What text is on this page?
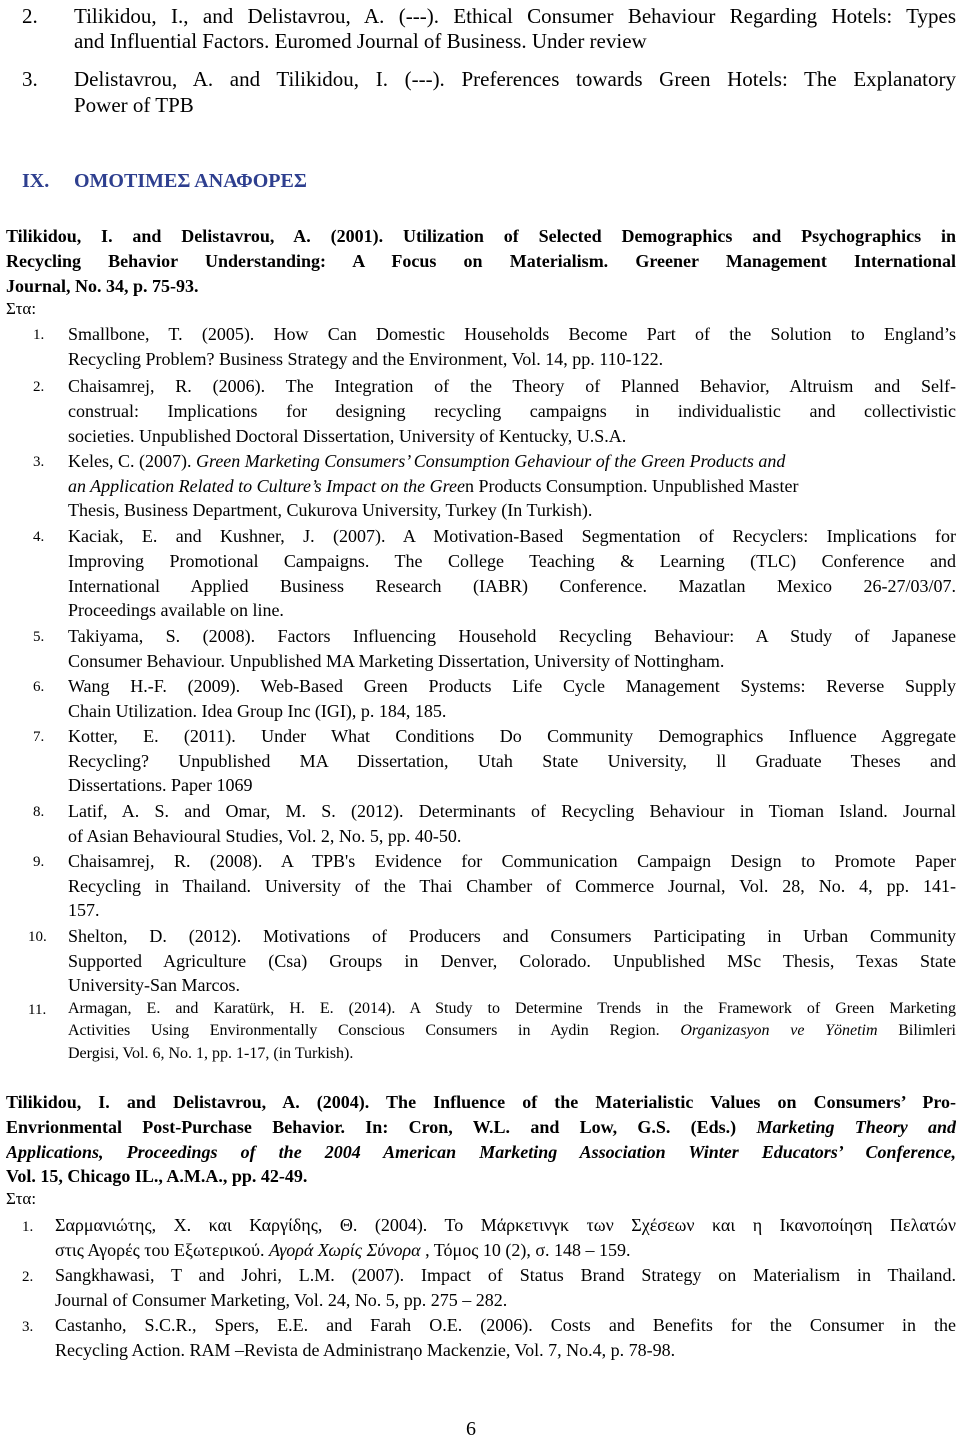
2. Tilikidou, I., and Delistavrou, A. (---). Ethical Consumer Behaviour Regarding Hotels: Types
and Influential Factors. Euromed Journal of Business. Under review
3. Delistavrou, A. and Tilikidou, I. (---). Preferences towards Green Hotels: The Explanatory
Power of TPB
IX. ΟΜΟΤΙΜΕΣ ΑΝΑΦΟΡΕΣ
Tilikidou, I. and Delistavrou, A. (2001). Utilization of Selected Demographics and Psychographics in
Recycling Behavior Understanding: A Focus on Materialism. Greener Management International
Journal, No. 34, p. 75-93.
Στα:
1. Smallbone, T. (2005). How Can Domestic Households Become Part of the Solution to England’s
Recycling Problem? Business Strategy and the Environment, Vol. 14, pp. 110-122.
2. Chaisamrej, R. (2006). The Integration of the Theory of Planned Behavior, Altruism and Self-
construal: Implications for designing recycling campaigns in individualistic and collectivistic
societies. Unpublished Doctoral Dissertation, University of Kentucky, U.S.A.
3. Keles, C. (2007). Green Marketing Consumers’ Consumption Gehaviour of the Green Products and
an Application Related to Culture’s Impact on the Green Products Consumption. Unpublished Master
Thesis, Business Department, Cukurova University, Turkey (In Turkish).
4. Kaciak, E. and Kushner, J. (2007). A Motivation-Based Segmentation of Recyclers: Implications for
Improving Promotional Campaigns. The College Teaching & Learning (TLC) Conference and
International Applied Business Research (IABR) Conference. Mazatlan Mexico 26-27/03/07.
Proceedings available on line.
5. Takiyama, S. (2008). Factors Influencing Household Recycling Behaviour: A Study of Japanese
Consumer Behaviour. Unpublished MA Marketing Dissertation, University of Nottingham.
6. Wang H.-F. (2009). Web-Based Green Products Life Cycle Management Systems: Reverse Supply
Chain Utilization. Idea Group Inc (IGI), p. 184, 185.
7. Kotter, E. (2011). Under What Conditions Do Community Demographics Influence Aggregate
Recycling? Unpublished MA Dissertation, Utah State University, ll Graduate Theses and
Dissertations. Paper 1069
8. Latif, A. S. and Omar, M. S. (2012). Determinants of Recycling Behaviour in Tioman Island. Journal
of Asian Behavioural Studies, Vol. 2, No. 5, pp. 40-50.
9. Chaisamrej, R. (2008). A TPB's Evidence for Communication Campaign Design to Promote Paper
Recycling in Thailand. University of the Thai Chamber of Commerce Journal, Vol. 28, No. 4, pp. 141-
157.
10. Shelton, D. (2012). Motivations of Producers and Consumers Participating in Urban Community
Supported Agriculture (Csa) Groups in Denver, Colorado. Unpublished MSc Thesis, Texas State
University-San Marcos.
11. Armagan, E. and Karatürk, H. E. (2014). A Study to Determine Trends in the Framework of Green Marketing
Activities Using Environmentally Conscious Consumers in Aydin Region. Organizasyon ve Yönetim Bilimleri
Dergisi, Vol. 6, No. 1, pp. 1-17, (in Turkish).
Tilikidou, I. and Delistavrou, A. (2004). The Influence of the Materialistic Values on Consumers’ Pro-
Envrionmental Post-Purchase Behavior. In: Cron, W.L. and Low, G.S. (Eds.) Marketing Theory and
Applications, Proceedings of the 2004 American Marketing Association Winter Educators’ Conference,
Vol. 15, Chicago IL., A.M.A., pp. 42-49.
Στα:
1. Σαρμανιώτης, Χ. και Καργίδης, Θ. (2004). Το Μάρκετινγκ των Σχέσεων και η Ικανοποίηση Πελατών
στις Αγορές του Εξωτερικού. Αγορά Χωρίς Σύνορα , Τόμος 10 (2), σ. 148 – 159.
2. Sangkhawasi, T and Johri, L.M. (2007). Impact of Status Brand Strategy on Materialism in Thailand.
Journal of Consumer Marketing, Vol. 24, No. 5, pp. 275 – 282.
3. Castanho, S.C.R., Spers, E.E. and Farah O.E. (2006). Costs and Benefits for the Consumer in the
Recycling Action. RAM –Revista de Administraηο Mackenzie, Vol. 7, No.4, p. 78-98.
6
